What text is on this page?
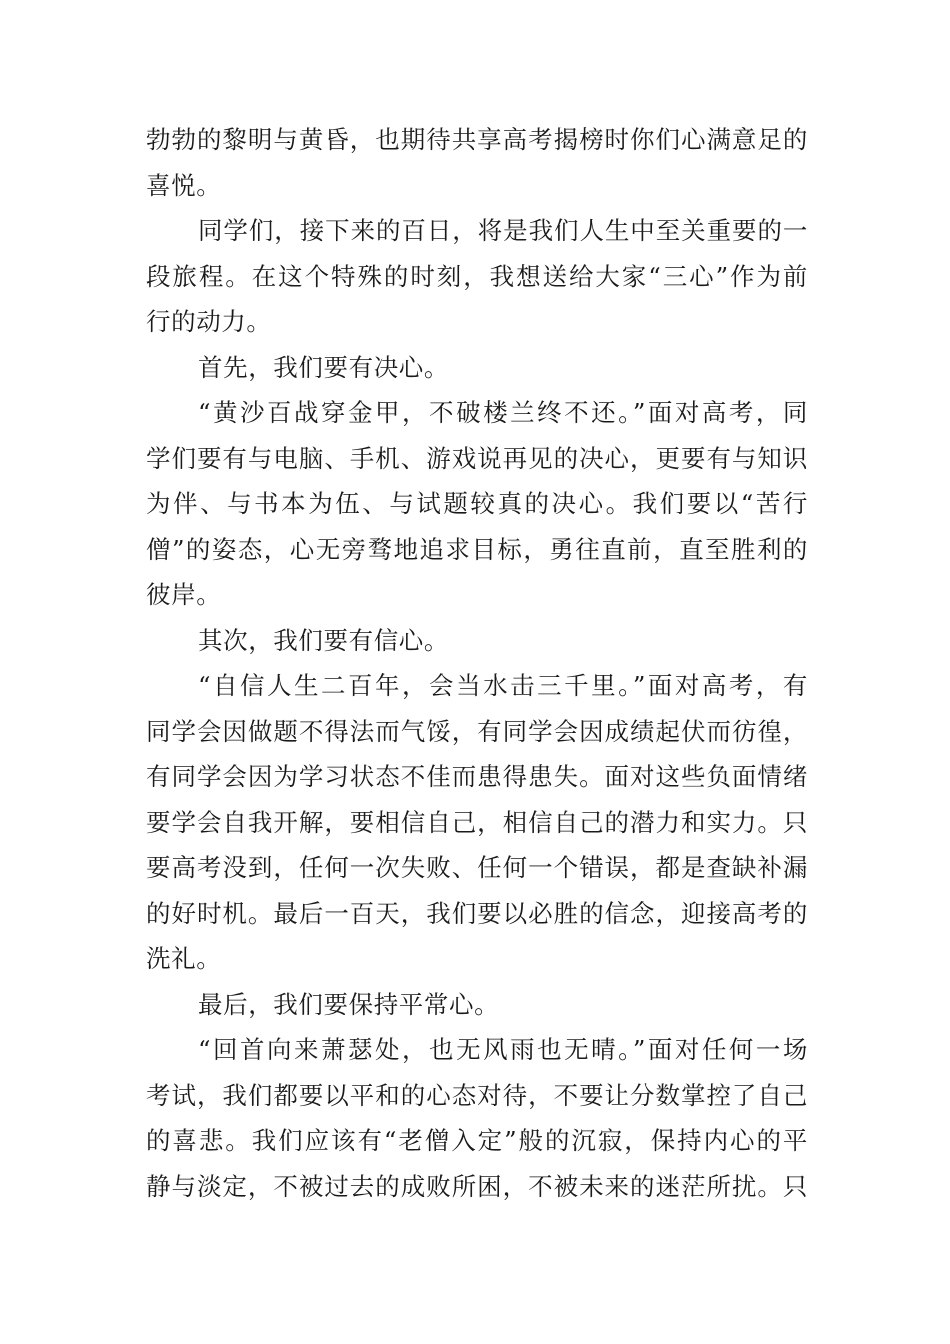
勃勃的黎明与黄昏，也期待共享高考揭榜时你们心满意足的
喜悦。
同学们，接下来的百日，将是我们人生中至关重要的一
段旅程。在这个特殊的时刻，我想送给大家“三心”作为前
行的动力。
首先，我们要有决心。
“黄沙百战穿金甲，不破楼兰终不还。”面对高考，同
学们要有与电脑、手机、游戏说再见的决心，更要有与知识
为伴、与书本为伍、与试题较真的决心。我们要以“苦行
僧”的姿态，心无旁骛地追求目标，勇往直前，直至胜利的
彼岸。
其次，我们要有信心。
“自信人生二百年，会当水击三千里。”面对高考，有
同学会因做题不得法而气馁，有同学会因成绩起伏而彷徨，
有同学会因为学习状态不佳而患得患失。面对这些负面情绪
要学会自我开解，要相信自己，相信自己的潜力和实力。只
要高考没到，任何一次失败、任何一个错误，都是查缺补漏
的好时机。最后一百天，我们要以必胜的信念，迎接高考的
洗礼。
最后，我们要保持平常心。
“回首向来萧瑟处，也无风雨也无晴。”面对任何一场
考试，我们都要以平和的心态对待，不要让分数掌控了自己
的喜悲。我们应该有“老僧入定”般的沉寂，保持内心的平
静与淡定，不被过去的成败所困，不被未来的迷茫所扰。只
